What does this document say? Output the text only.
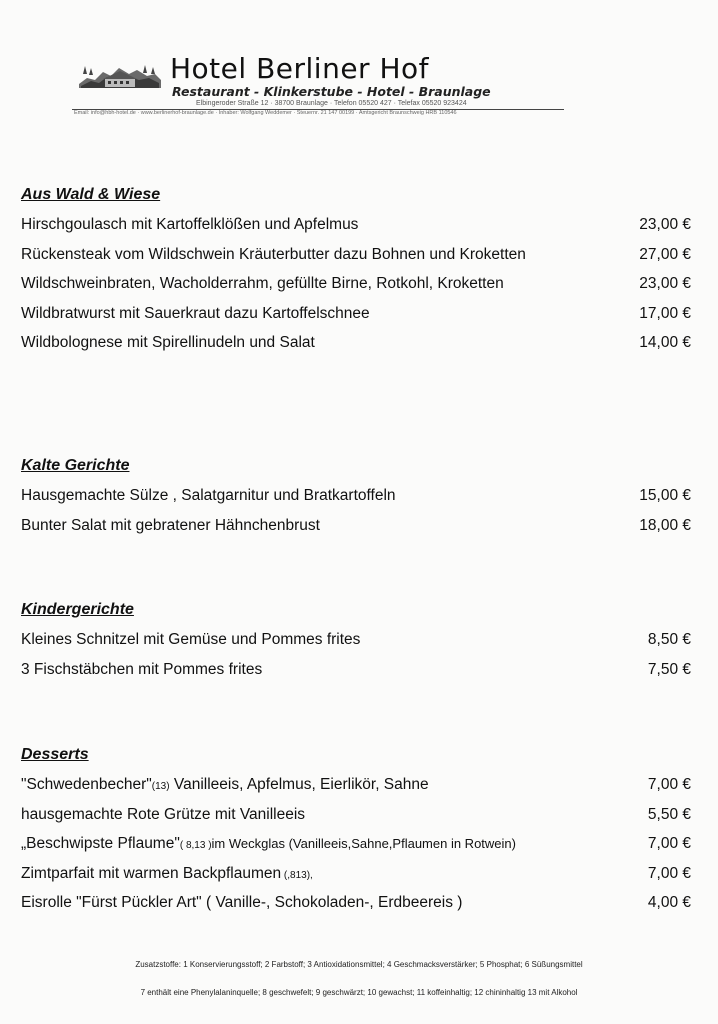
Hotel Berliner Hof
Restaurant - Klinkerstube - Hotel - Braunlage
Elbingeroder Straße 12 · 38700 Braunlage · Telefon 05520 427 · Telefax 05520 923424
Email: info@hbh-hotel.de · www.berlinerhof-braunlage.de · Inhaber: Wolfgang Weddemer · Steuernr. 21 147 00199 · Amtsgericht Braunschweig HRB 110546
Aus Wald & Wiese
Hirschgoulasch mit Kartoffelklößen und Apfelmus	23,00 €
Rückensteak vom Wildschwein Kräuterbutter dazu Bohnen und Kroketten	27,00 €
Wildschweinbraten, Wacholderrahm, gefüllte Birne, Rotkohl, Kroketten	23,00 €
Wildbratwurst mit Sauerkraut dazu Kartoffelschnee	17,00 €
Wildbolognese mit Spirellinudeln und Salat	14,00 €
Kalte Gerichte
Hausgemachte Sülze , Salatgarnitur und Bratkartoffeln	15,00 €
Bunter Salat mit gebratener Hähnchenbrust	18,00 €
Kindergerichte
Kleines Schnitzel mit Gemüse und Pommes frites	8,50 €
3 Fischstäbchen mit Pommes frites	7,50 €
Desserts
"Schwedenbecher"(13) Vanilleeis, Apfelmus, Eierlikör, Sahne	7,00 €
hausgemachte Rote Grütze mit Vanilleeis	5,50 €
„Beschwipste Pflaume"( 8,13 )im Weckglas (Vanilleeis,Sahne,Pflaumen in Rotwein)	7,00 €
Zimtparfait mit warmen Backpflaumen (,813),	7,00 €
Eisrolle "Fürst Pückler Art" ( Vanille-, Schokoladen-, Erdbeereis )	4,00 €
Zusatzstoffe: 1 Konservierungsstoff; 2 Farbstoff; 3 Antioxidationsmittel; 4 Geschmacksverstärker; 5 Phosphat; 6 Süßungsmittel
7 enthält eine Phenylalaninquelle; 8 geschwefelt; 9 geschwärzt; 10 gewachst; 11 koffeinhaltig; 12 chininhaltig 13 mit Alkohol
